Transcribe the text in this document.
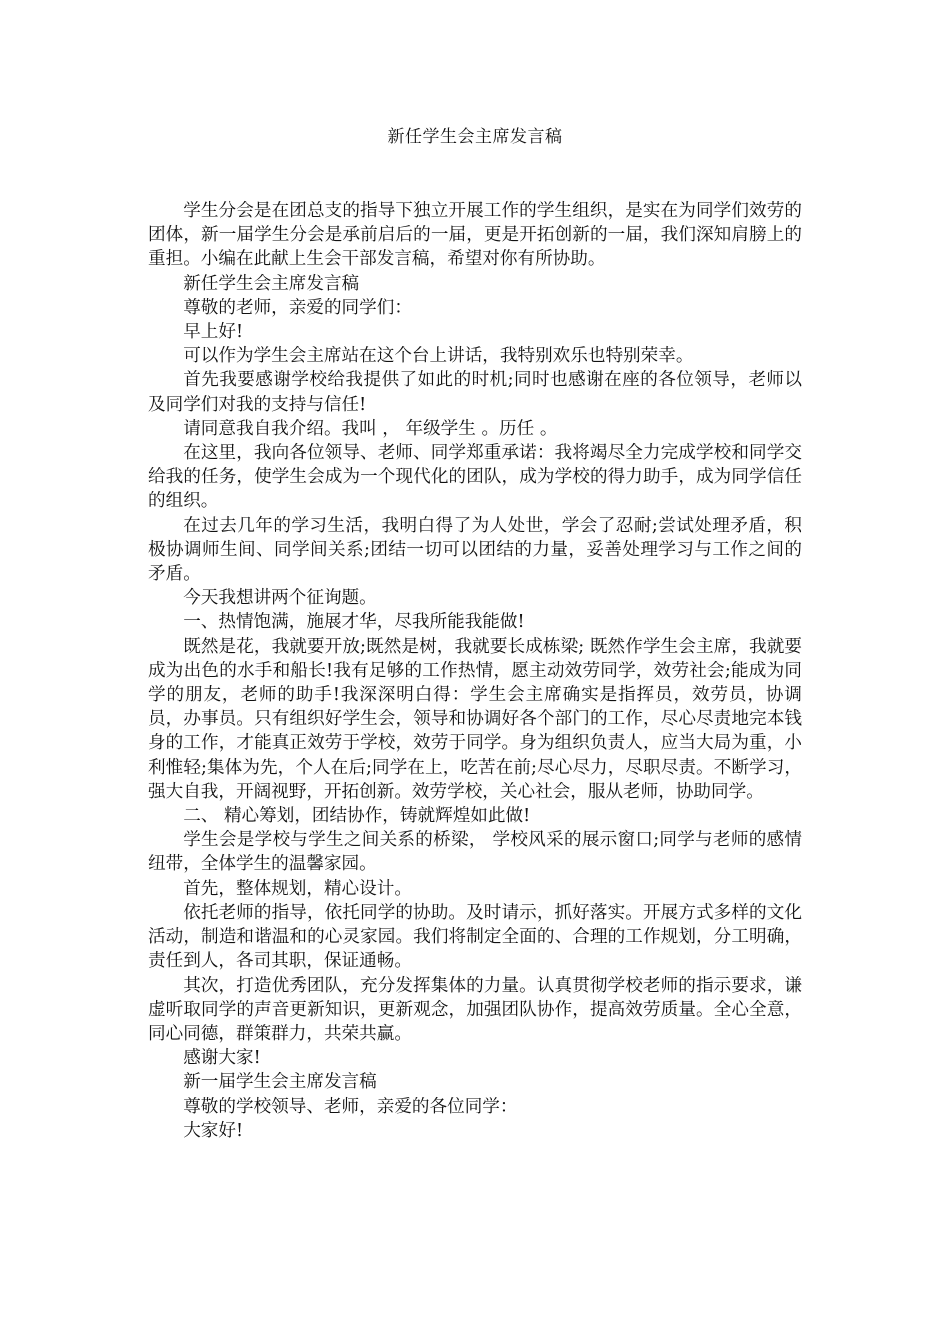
新任学生会主席发言稿

学生分会是在团总支的指导下独立开展工作的学生组织，是实在为同学们效劳的团体，新一届学生分会是承前启后的一届，更是开拓创新的一届，我们深知肩膀上的重担。小编在此献上生会干部发言稿，希望对你有所协助。

新任学生会主席发言稿

尊敬的老师，亲爱的同学们：

早上好!

可以作为学生会主席站在这个台上讲话，我特别欢乐也特别荣幸。

首先我要感谢学校给我提供了如此的时机;同时也感谢在座的各位领导，老师以及同学们对我的支持与信任!

请同意我自我介绍。我叫 ， 年级学生 。历任 。

在这里，我向各位领导、老师、同学郑重承诺：我将竭尽全力完成学校和同学交给我的任务，使学生会成为一个现代化的团队，成为学校的得力助手，成为同学信任的组织。

在过去几年的学习生活，我明白得了为人处世，学会了忍耐;尝试处理矛盾，积极协调师生间、同学间关系;团结一切可以团结的力量，妥善处理学习与工作之间的矛盾。

今天我想讲两个征询题。

一、热情饱满，施展才华，尽我所能我能做!

既然是花，我就要开放;既然是树，我就要长成栋梁; 既然作学生会主席，我就要成为出色的水手和船长!我有足够的工作热情，愿主动效劳同学，效劳社会;能成为同学的朋友，老师的助手!我深深明白得：学生会主席确实是指挥员，效劳员，协调员，办事员。只有组织好学生会，领导和协调好各个部门的工作，尽心尽责地完本钱身的工作，才能真正效劳于学校，效劳于同学。身为组织负责人，应当大局为重，小利惟轻;集体为先，个人在后;同学在上，吃苦在前;尽心尽力，尽职尽责。不断学习，强大自我，开阔视野，开拓创新。效劳学校，关心社会，服从老师，协助同学。

二、 精心筹划，团结协作，铸就辉煌如此做!

学生会是学校与学生之间关系的桥梁， 学校风采的展示窗口;同学与老师的感情纽带，全体学生的温馨家园。

首先，整体规划，精心设计。

依托老师的指导，依托同学的协助。及时请示，抓好落实。开展方式多样的文化活动，制造和谐温和的心灵家园。我们将制定全面的、合理的工作规划，分工明确，责任到人，各司其职，保证通畅。

其次，打造优秀团队，充分发挥集体的力量。认真贯彻学校老师的指示要求，谦虚听取同学的声音更新知识，更新观念，加强团队协作，提高效劳质量。全心全意，同心同德，群策群力，共荣共赢。

感谢大家!

新一届学生会主席发言稿

尊敬的学校领导、老师，亲爱的各位同学：

大家好!
